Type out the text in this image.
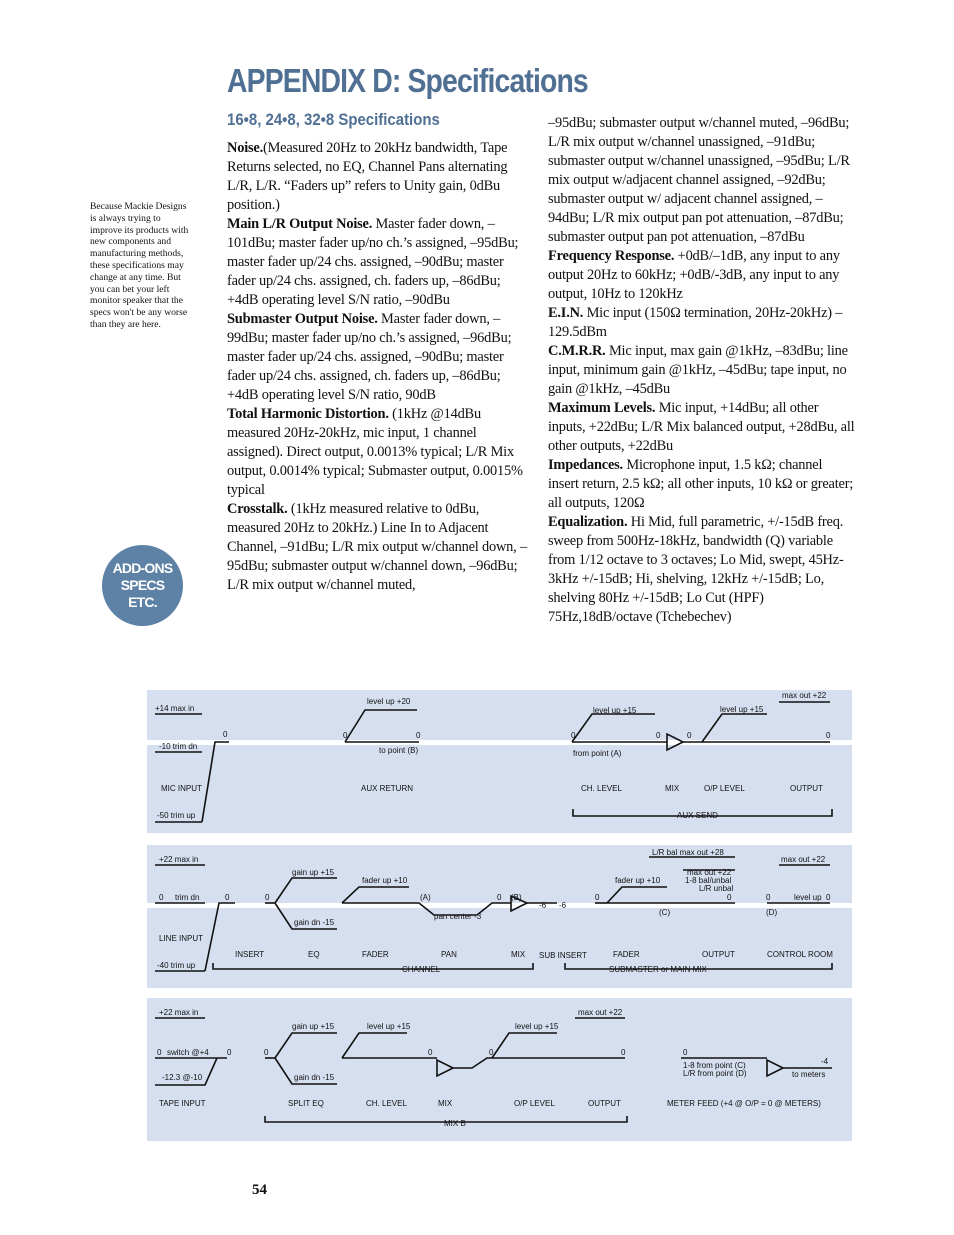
APPENDIX D: Specifications
16•8, 24•8, 32•8 Specifications

Because Mackie Designs is always trying to improve its products with new components and manufacturing methods, these specifications may change at any time. But you can bet your left monitor speaker that the specs won't be any worse than they are here.

ADD-ONS
SPECS
ETC.

Noise.(Measured 20Hz to 20kHz bandwidth, Tape Returns selected, no EQ, Channel Pans alternating L/R, L/R. “Faders up” refers to Unity gain, 0dBu position.)

Main L/R Output Noise. Master fader down, –101dBu; master fader up/no ch.’s assigned, –95dBu; master fader up/24 chs. assigned, –90dBu; master fader up/24 chs. assigned, ch. faders up, –86dBu; +4dB operating level S/N ratio, –90dBu

Submaster Output Noise. Master fader down, –99dBu; master fader up/no ch.’s assigned, –96dBu; master fader up/24 chs. assigned, –90dBu; master fader up/24 chs. assigned, ch. faders up, –86dBu; +4dB operating level S/N ratio, 90dB

Total Harmonic Distortion. (1kHz @14dBu measured 20Hz-20kHz, mic input, 1 channel assigned). Direct output, 0.0013% typical; L/R Mix output, 0.0014% typical; Submaster output, 0.0015% typical

Crosstalk. (1kHz measured relative to 0dBu, measured 20Hz to 20kHz.) Line In to Adjacent Channel, –91dBu; L/R mix output w/channel down, –95dBu; submaster output w/channel down, –96dBu; L/R mix output w/channel muted,

–95dBu; submaster output w/channel muted, –96dBu; L/R mix output w/channel unassigned, –91dBu; submaster output w/channel unassigned, –95dBu; L/R mix output w/adjacent channel assigned, –92dBu; submaster output w/ adjacent channel assigned, –94dBu; L/R mix output pan pot attenuation, –87dBu; submaster output pan pot attenuation, –87dBu

Frequency Response. +0dB/–1dB, any input to any output 20Hz to 60kHz; +0dB/-3dB, any input to any output, 10Hz to 120kHz

E.I.N. Mic input (150Ω termination, 20Hz-20kHz) –129.5dBm

C.M.R.R. Mic input, max gain @1kHz, –83dBu; line input, minimum gain @1kHz, –45dBu; tape input, no gain @1kHz, –45dBu

Maximum Levels. Mic input, +14dBu; all other inputs, +22dBu; L/R Mix balanced output, +28dBu, all other outputs, +22dBu

Impedances. Microphone input, 1.5 kΩ; channel insert return, 2.5 kΩ; all other inputs, 10 kΩ or greater; all outputs, 120Ω

Equalization. Hi Mid, full parametric, +/-15dB freq. sweep from 500Hz-18kHz, bandwidth (Q) variable from 1/12 octave to 3 octaves; Lo Mid, swept, 45Hz-3kHz +/-15dB; Hi, shelving, 12kHz +/-15dB; Lo, shelving 80Hz +/-15dB; Lo Cut (HPF) 75Hz,18dB/octave (Tchebechev)

+14 max in
-10 trim dn
-50 trim up
0
MIC INPUT
level up +20
0	0
to point (B)
AUX RETURN
level up +15	level up +15
max out +22
0	0	0	0
from point (A)
CH. LEVEL	MIX	O/P LEVEL	OUTPUT
AUX SEND
+22 max in
0 trim dn
-40 trim up
0	0
gain up +15
gain dn -15
fader up +10
(A)
pan center -3
0 (B)
-6 -6
0
fader up +10
L/R bal max out +28
max out +22
1-8 bal/unbal
L/R unbal
0
(C)
max out +22
0	level up 0
(D)
LINE INPUT
INSERT	EQ	FADER	PAN	MIX SUB INSERT	FADER	OUTPUT	CONTROL ROOM
CHANNEL	SUBMASTER or MAIN MIX
+22 max in
0 switch @+4
-12.3 @-10
0	0
gain up +15
gain dn -15
level up +15
0	0
level up +15
max out +22
0	0
1-8 from point (C)
L/R from point (D)
-4
to meters
TAPE INPUT	SPLIT EQ	CH. LEVEL	MIX	O/P LEVEL	OUTPUT	METER FEED (+4 @ O/P = 0 @ METERS)
MIX B
54
